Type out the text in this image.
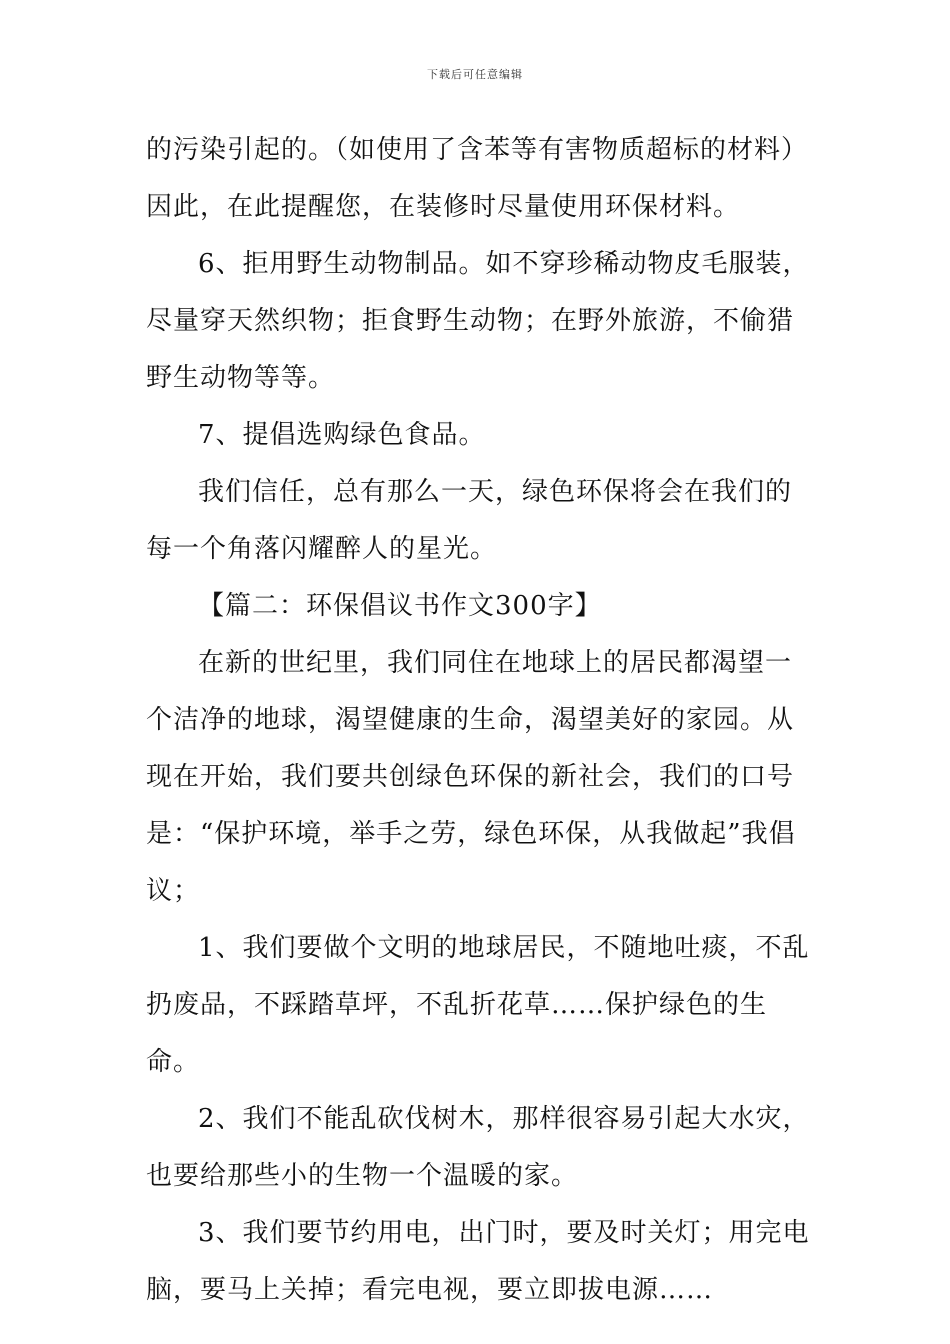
下载后可任意编辑

的污染引起的。（如使用了含苯等有害物质超标的材料）因此，在此提醒您，在装修时尽量使用环保材料。

6、拒用野生动物制品。如不穿珍稀动物皮毛服装，尽量穿天然织物；拒食野生动物；在野外旅游，不偷猎野生动物等等。

7、提倡选购绿色食品。

我们信任，总有那么一天，绿色环保将会在我们的每一个角落闪耀醉人的星光。

【篇二：环保倡议书作文300字】

在新的世纪里，我们同住在地球上的居民都渴望一个洁净的地球，渴望健康的生命，渴望美好的家园。从现在开始，我们要共创绿色环保的新社会，我们的口号是：“保护环境，举手之劳，绿色环保，从我做起”我倡议；

1、我们要做个文明的地球居民，不随地吐痰，不乱扔废品，不踩踏草坪，不乱折花草……保护绿色的生命。

2、我们不能乱砍伐树木，那样很容易引起大水灾，也要给那些小的生物一个温暖的家。

3、我们要节约用电，出门时，要及时关灯；用完电脑，要马上关掉；看完电视，要立即拔电源……
